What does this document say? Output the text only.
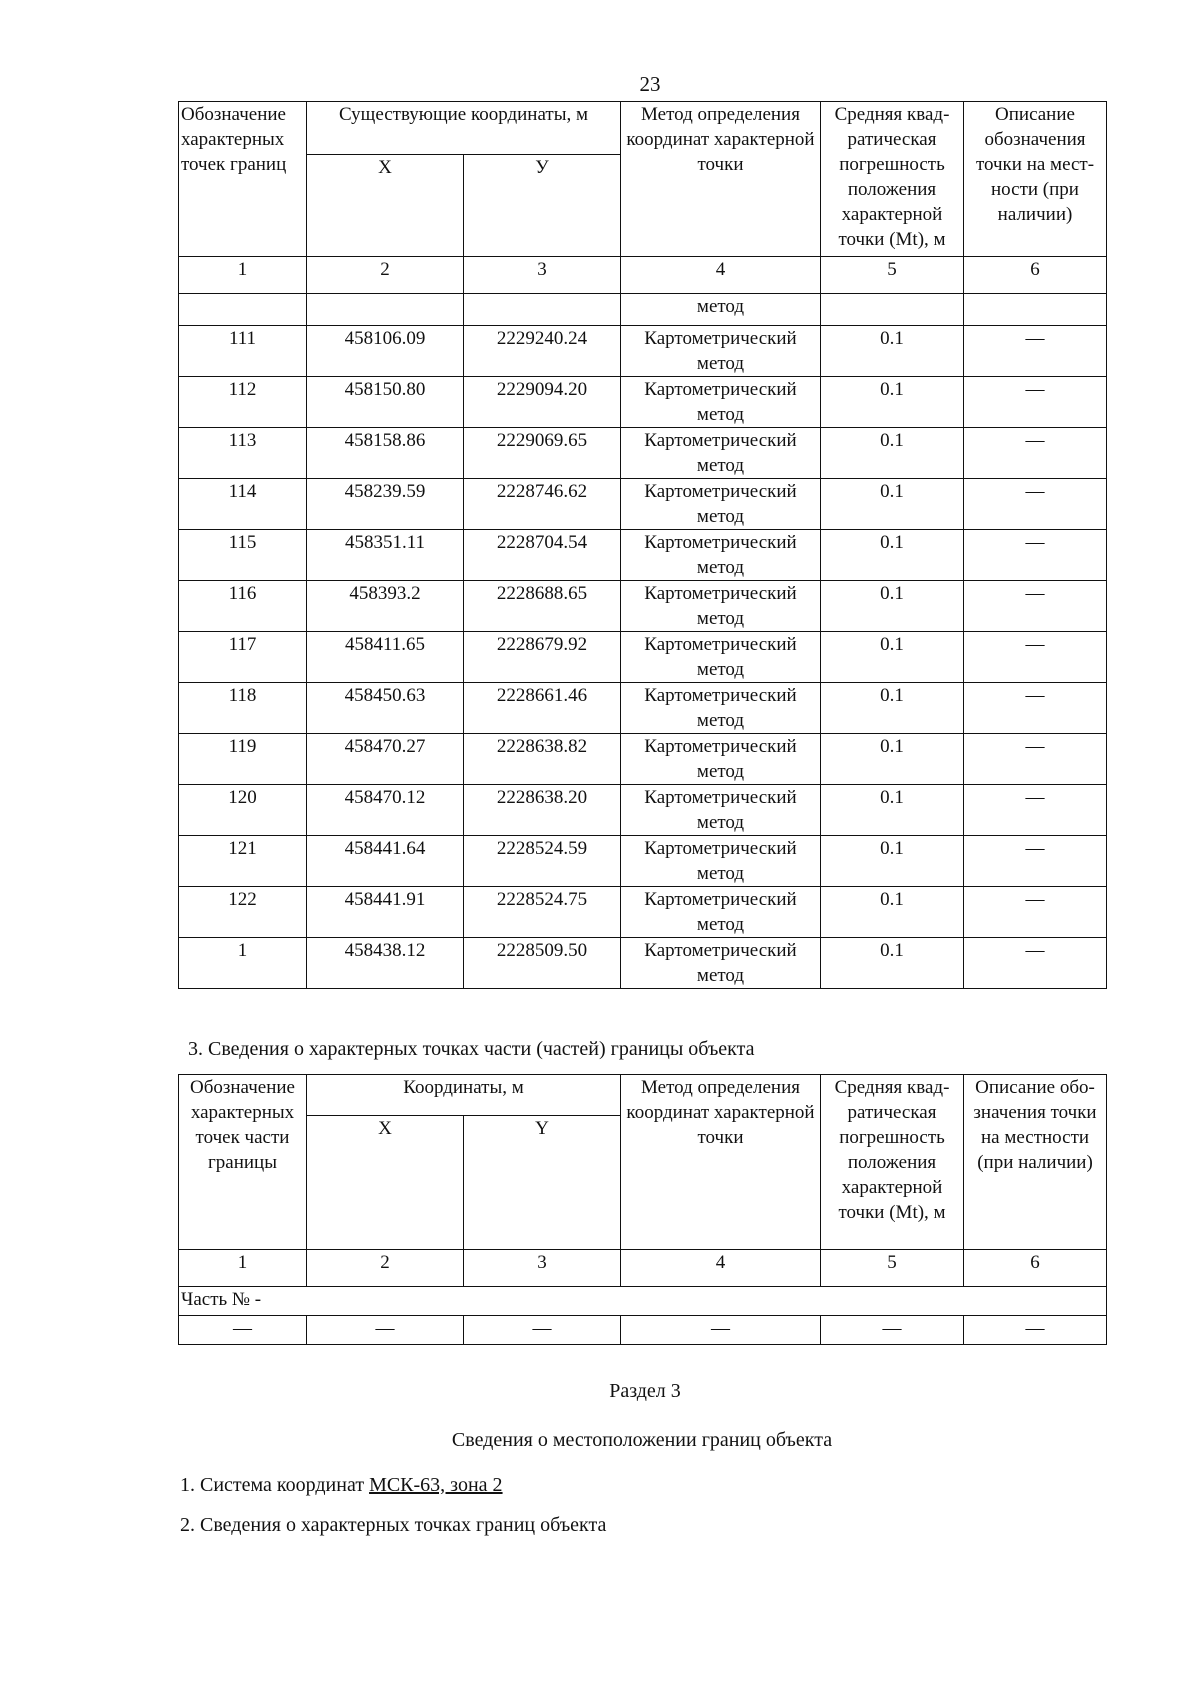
23
Обозначение характерных точек границ	Существующие координаты, м		Метод определения координат характерной точки	Средняя квадратическая погрешность положения характерной точки (Mt), м	Описание обозначения точки на местности (при наличии)
	Х	У			
1	2	3	4	5	6
			метод		
111	458106.09	2229240.24	Картометрический метод	0.1	—
112	458150.80	2229094.20	Картометрический метод	0.1	—
113	458158.86	2229069.65	Картометрический метод	0.1	—
114	458239.59	2228746.62	Картометрический метод	0.1	—
115	458351.11	2228704.54	Картометрический метод	0.1	—
116	458393.2	2228688.65	Картометрический метод	0.1	—
117	458411.65	2228679.92	Картометрический метод	0.1	—
118	458450.63	2228661.46	Картометрический метод	0.1	—
119	458470.27	2228638.82	Картометрический метод	0.1	—
120	458470.12	2228638.20	Картометрический метод	0.1	—
121	458441.64	2228524.59	Картометрический метод	0.1	—
122	458441.91	2228524.75	Картометрический метод	0.1	—
1	458438.12	2228509.50	Картометрический метод	0.1	—
3. Сведения о характерных точках части (частей) границы объекта
Обозначение характерных точек части границы	Координаты, м		Метод определения координат характерной точки	Средняя квадратическая погрешность положения характерной точки (Mt), м	Описание обозначения точки на местности (при наличии)
	X	Y			
1	2	3	4	5	6
Часть № -					
—	—	—	—	—	—
Раздел 3
Сведения о местоположении границ объекта
1. Система координат МСК-63, зона 2
2. Сведения о характерных точках границ объекта
